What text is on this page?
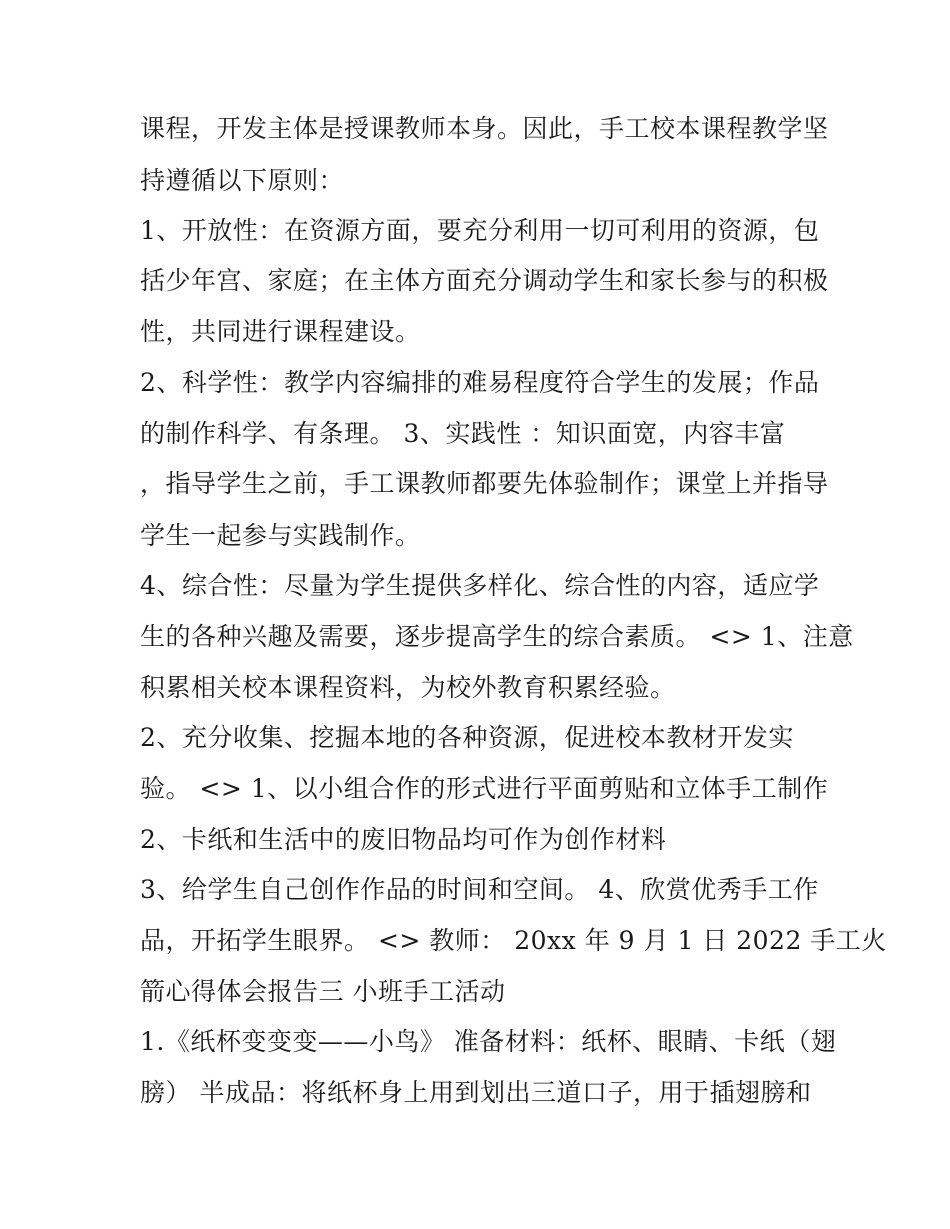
课程，开发主体是授课教师本身。因此，手工校本课程教学坚
持遵循以下原则：
1、开放性：在资源方面，要充分利用一切可利用的资源，包
括少年宫、家庭；在主体方面充分调动学生和家长参与的积极
性，共同进行课程建设。
2、科学性：教学内容编排的难易程度符合学生的发展；作品
的制作科学、有条理。 3、实践性 ：知识面宽，内容丰富
，指导学生之前，手工课教师都要先体验制作；课堂上并指导
学生一起参与实践制作。
4、综合性：尽量为学生提供多样化、综合性的内容，适应学
生的各种兴趣及需要，逐步提高学生的综合素质。 <> 1、注意
积累相关校本课程资料，为校外教育积累经验。
2、充分收集、挖掘本地的各种资源，促进校本教材开发实
验。 <> 1、以小组合作的形式进行平面剪贴和立体手工制作
2、卡纸和生活中的废旧物品均可作为创作材料
3、给学生自己创作作品的时间和空间。 4、欣赏优秀手工作
品，开拓学生眼界。 <> 教师： 20xx 年 9 月 1 日 2022 手工火
箭心得体会报告三 小班手工活动
1.《纸杯变变变——小鸟》 准备材料：纸杯、眼睛、卡纸（翅
膀） 半成品：将纸杯身上用到划出三道口子，用于插翅膀和
